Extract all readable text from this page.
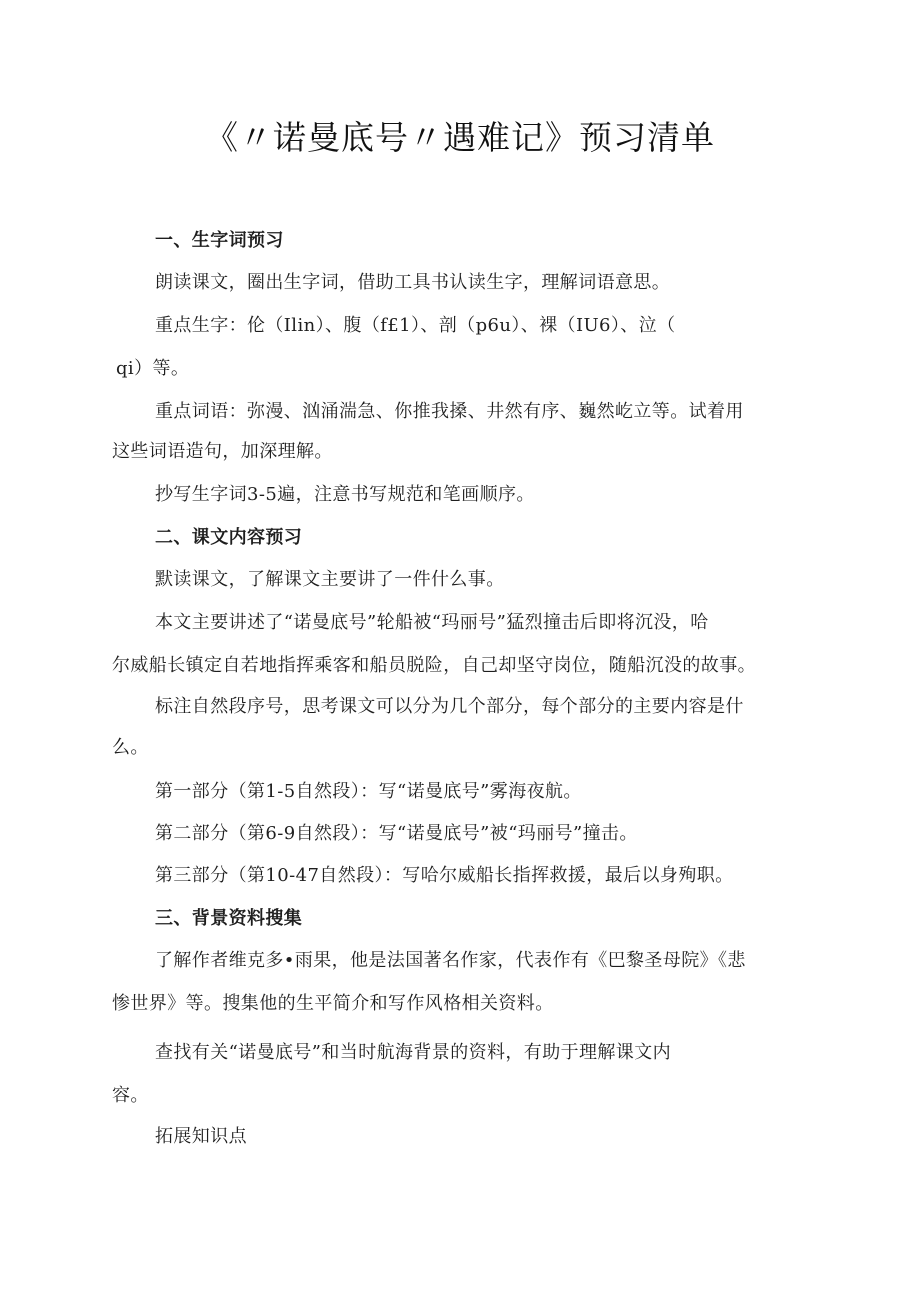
《〃诺曼底号〃遇难记》预习清单
一、生字词预习
朗读课文，圈出生字词，借助工具书认读生字，理解词语意思。
重点生字：伦（Ilin）、腹（f£1）、剖（p6u）、裸（IU6）、泣（
qi）等。
重点词语：弥漫、汹涌湍急、你推我搡、井然有序、巍然屹立等。试着用
这些词语造句，加深理解。
抄写生字词3-5遍，注意书写规范和笔画顺序。
二、课文内容预习
默读课文，了解课文主要讲了一件什么事。
本文主要讲述了“诺曼底号”轮船被“玛丽号”猛烈撞击后即将沉没，哈
尔威船长镇定自若地指挥乘客和船员脱险，自己却坚守岗位，随船沉没的故事。
标注自然段序号，思考课文可以分为几个部分，每个部分的主要内容是什
么。
第一部分（第1-5自然段）：写“诺曼底号”雾海夜航。
第二部分（第6-9自然段）：写“诺曼底号”被“玛丽号”撞击。
第三部分（第10-47自然段）：写哈尔威船长指挥救援，最后以身殉职。
三、背景资料搜集
了解作者维克多•雨果，他是法国著名作家，代表作有《巴黎圣母院》《悲
惨世界》等。搜集他的生平简介和写作风格相关资料。
查找有关“诺曼底号”和当时航海背景的资料，有助于理解课文内
容。
拓展知识点
